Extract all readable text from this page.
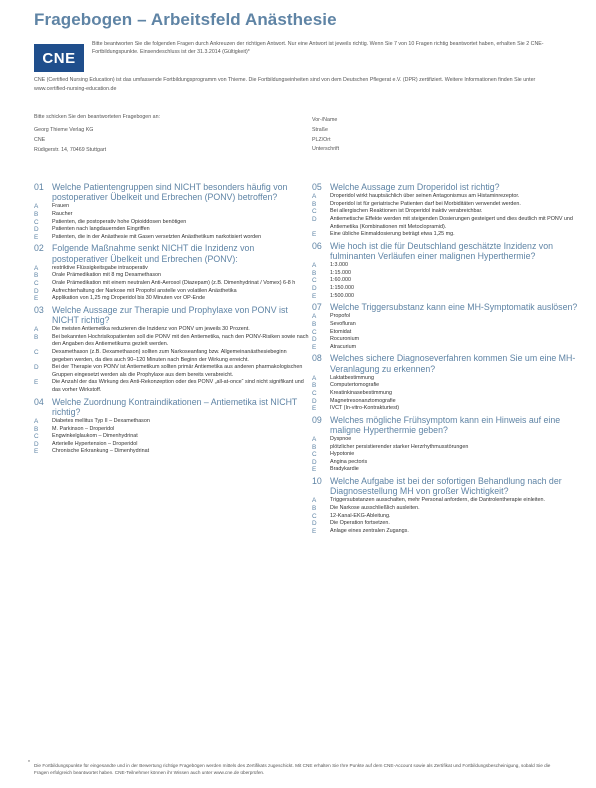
Fragebogen – Arbeitsfeld Anästhesie
CNE
Bitte beantworten Sie die folgenden Fragen durch Ankreuzen der richtigen Antwort. Nur eine Antwort ist jeweils richtig. Wenn Sie 7 von 10 Fragen richtig beantwortet haben, erhalten Sie 2 CNE-Fortbildungspunkte. Einsendeschluss ist der 31.3.2014 (Gültigkeit)*
CNE (Certified Nursing Education) ist das umfassende Fortbildungsprogramm von Thieme. Die Fortbildungseinheiten sind von dem Deutschen Pflegerat e.V. (DPR) zertifiziert. Weitere Informationen finden Sie unter www.certified-nursing-education.de
Bitte schicken Sie den beantworteten Fragebogen an:
Georg Thieme Verlag KG
CNE
Rüdigerstr. 14, 70469 Stuttgart
Vor-/Name
Straße
PLZ/Ort
Unterschrift
01 Welche Patientengruppen sind NICHT besonders häufig von postoperativer Übelkeit und Erbrechen (PONV) betroffen?
A	Frauen
B	Raucher
C	Patienten, die postoperativ hohe Opioiddosen benötigen
D	Patienten nach langdauernden Eingriffen
E	Patienten, die in der Anästhesie mit Gasen versetzten Anästhetikum narkotisiert worden
02 Folgende Maßnahme senkt NICHT die Inzidenz von postoperativer Übelkeit und Erbrechen (PONV):
A	restriktive Flüssigkeitsgabe intraoperativ
B	Orale Prämedikation mit 8 mg Dexamethason
C	Orale Prämedikation mit einem neutralen Anti-Aerosol (Diazepam) (z.B. Dimenhydrinat / Vomex) 6-8 h
D	Aufrechterhaltung der Narkose mit Propofol anstelle von volatilen Anästhetika
E	Applikation von 1,25 mg Droperidol bis 30 Minuten vor OP-Ende
03 Welche Aussage zur Therapie und Prophylaxe von PONV ist NICHT richtig?
A	Die meisten Antiemetika reduzieren die Inzidenz von PONV um jeweils 30 Prozent.
B	Bei bekannten Hochrisikopatienten soll die PONV mit den Antiemetika, nach den PONV-Risiken sowie nach den Angaben des Antiemetikums gezielt werden.
C	Dexamethason (z.B. Dexamethason) sollten zum Narkoseanfang bzw. Allgemeinanästhesiebeginn gegeben werden, da dies auch 90–120 Minuten nach Beginn der Wirkung erreicht.
D	Bei der Therapie von PONV ist Antiemetikum sollten primär Antiemetika aus anderen pharmakologischen Gruppen eingesetzt werden als die Prophylaxe aus dem bereits verabreicht.
E	Die Anzahl der das Wirkung des Anti-Rekonzeption oder des PONV „all-at-once“ sind nicht signifikant und das vorher Wirkstoff.
04 Welche Zuordnung Kontraindikationen – Antiemetika ist NICHT richtig?
A	Diabetes mellitus Typ II – Dexamethason
B	M. Parkinson – Droperidol
C	Engwinkelglaukom – Dimenhydrinat
D	Arterielle Hypertension – Droperidol
E	Chronische Erkrankung – Dimenhydrinat
05 Welche Aussage zum Droperidol ist richtig?
A	Droperidol wirkt hauptsächlich über seinen Antagonismus am Histaminrezeptor.
B	Droperidol ist für geriatrische Patienten darf bei Morbiditäten verwendet werden.
C	Bei allergischen Reaktionen ist Droperidol inaktiv verabreichbar.
D	Antiemetische Effekte werden mit steigenden Dosierungen gesteigert und dies deutlich mit PONV und Antiemetika (Kombinationen mit Metoclopramid).
E	Eine übliche Einmaldosierung beträgt etwa 1,25 mg.
06 Wie hoch ist die für Deutschland geschätzte Inzidenz von fulminanten Verläufen einer malignen Hyperthermie?
A	1:3.000
B	1:15.000
C	1:60.000
D	1:150.000
E	1:500.000
07 Welche Triggersubstanz kann eine MH-Symptomatik auslösen?
A	Propofol
B	Sevofluran
C	Etomidat
D	Rocuronium
E	Atracurium
08 Welches sichere Diagnoseverfahren kommen Sie um eine MH-Veranlagung zu erkennen?
A	Laktatbestimmung
B	Computertomografie
C	Kreatinkinasebestimmung
D	Magnetresonanztomografie
E	IVCT (In-vitro-Kontrakturtest)
09 Welches mögliche Frühsymptom kann ein Hinweis auf eine maligne Hyperthermie geben?
A	Dyspnoe
B	plötzlicher persistierender starker Herzrhythmusstörungen
C	Hypotonie
D	Angina pectoris
E	Bradykardie
10 Welche Aufgabe ist bei der sofortigen Behandlung nach der Diagnosestellung MH von großer Wichtigkeit?
A	Triggersubstanzen ausschalten, mehr Personal anfordern, die Dantrolentherapie einleiten.
B	Die Narkose ausschließlich ausleiten.
C	12-Kanal-EKG-Ableitung.
D	Die Operation fortsetzen.
E	Anlage eines zentralen Zugangs.
* Die Fortbildungspunkte für eingesandte und in der Bewertung richtige Fragebögen werden mittels des Zertifikats zugeschickt. Mit CNE erhalten Sie Ihre Punkte auf dem CNE-Account sowie als Zertifikat und Fortbildungsbescheinigung, sobald Sie die Fragen erfolgreich beantwortet haben. CNE-Teilnehmer können ihr Wissen auch unter www.cne.de überprüfen.
